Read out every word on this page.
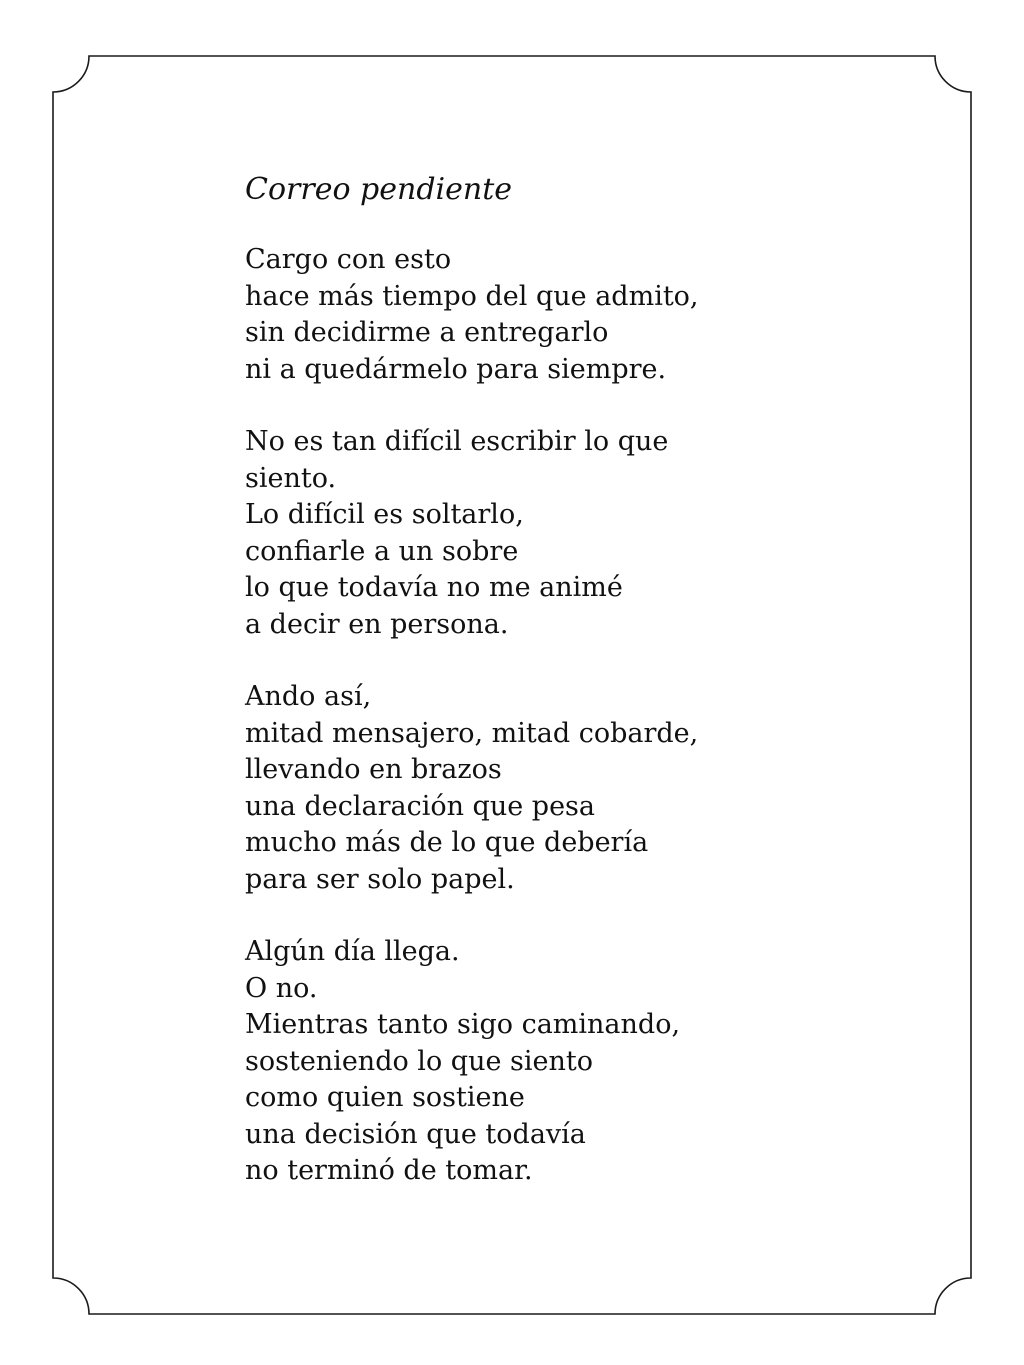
Correo pendiente
Cargo con esto
hace más tiempo del que admito,
sin decidirme a entregarlo
ni a quedármelo para siempre.
No es tan difícil escribir lo que
siento.
Lo difícil es soltarlo,
confiarle a un sobre
lo que todavía no me animé
a decir en persona.
Ando así,
mitad mensajero, mitad cobarde,
llevando en brazos
una declaración que pesa
mucho más de lo que debería
para ser solo papel.
Algún día llega.
O no.
Mientras tanto sigo caminando,
sosteniendo lo que siento
como quien sostiene
una decisión que todavía
no terminó de tomar.
